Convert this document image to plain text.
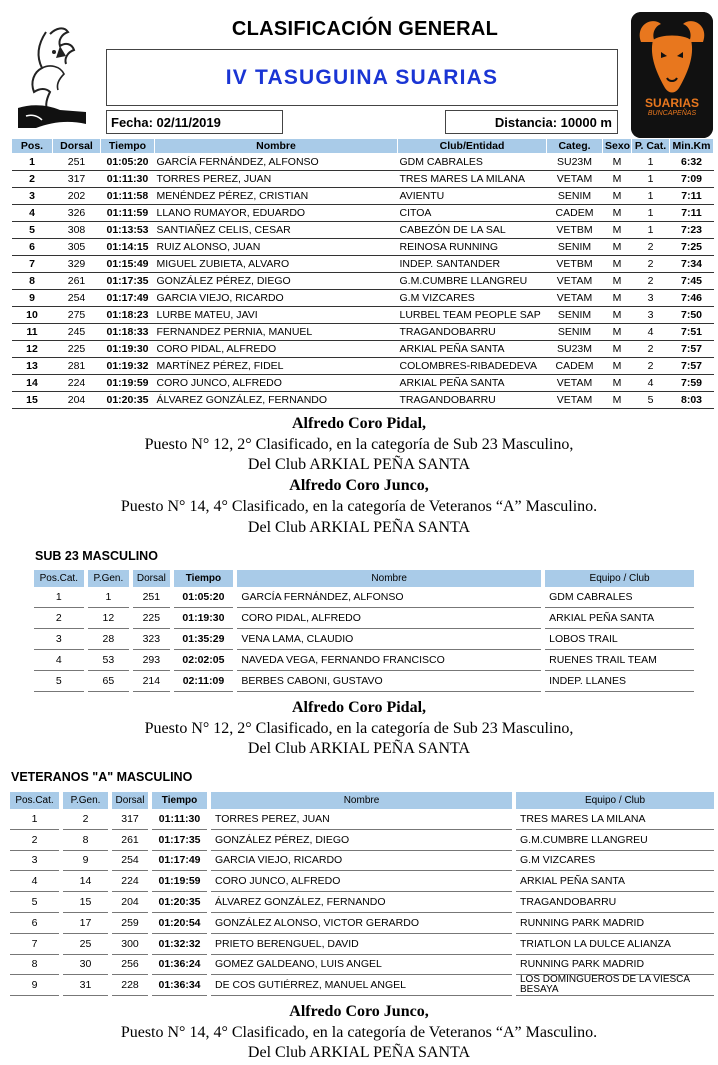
SUARIAS
BUNCAPEÑAS
CLASIFICACIÓN GENERAL
IV TASUGUINA SUARIAS
Fecha: 02/11/2019	Distancia: 10000 m
Pos.	Dorsal	Tiempo	Nombre	Club/Entidad	Categ.	Sexo	P. Cat.	Min.Km
1	251	01:05:20	GARCÍA FERNÁNDEZ, ALFONSO	GDM CABRALES	SU23M	M	1	6:32
2	317	01:11:30	TORRES PEREZ, JUAN	TRES MARES LA MILANA	VETAM	M	1	7:09
3	202	01:11:58	MENÉNDEZ PÉREZ, CRISTIAN	AVIENTU	SENIM	M	1	7:11
4	326	01:11:59	LLANO RUMAYOR, EDUARDO	CITOA	CADEM	M	1	7:11
5	308	01:13:53	SANTIAÑEZ CELIS, CESAR	CABEZÓN DE LA SAL	VETBM	M	1	7:23
6	305	01:14:15	RUIZ ALONSO, JUAN	REINOSA RUNNING	SENIM	M	2	7:25
7	329	01:15:49	MIGUEL ZUBIETA, ALVARO	INDEP. SANTANDER	VETBM	M	2	7:34
8	261	01:17:35	GONZÁLEZ PÉREZ, DIEGO	G.M.CUMBRE LLANGREU	VETAM	M	2	7:45
9	254	01:17:49	GARCIA VIEJO, RICARDO	G.M VIZCARES	VETAM	M	3	7:46
10	275	01:18:23	LURBE MATEU, JAVI	LURBEL TEAM PEOPLE SAP	SENIM	M	3	7:50
11	245	01:18:33	FERNANDEZ PERNIA, MANUEL	TRAGANDOBARRU	SENIM	M	4	7:51
12	225	01:19:30	CORO PIDAL, ALFREDO	ARKIAL PEÑA SANTA	SU23M	M	2	7:57
13	281	01:19:32	MARTÍNEZ PÉREZ, FIDEL	COLOMBRES-RIBADEDEVA	CADEM	M	2	7:57
14	224	01:19:59	CORO JUNCO, ALFREDO	ARKIAL PEÑA SANTA	VETAM	M	4	7:59
15	204	01:20:35	ÁLVAREZ GONZÁLEZ, FERNANDO	TRAGANDOBARRU	VETAM	M	5	8:03
Alfredo Coro Pidal,
Puesto N° 12, 2° Clasificado, en la categoría de Sub 23 Masculino,
Del Club ARKIAL PEÑA SANTA
Alfredo Coro Junco,
Puesto N° 14, 4° Clasificado, en la categoría de Veteranos “A” Masculino.
Del Club ARKIAL PEÑA SANTA
SUB 23 MASCULINO
Pos.Cat.	P.Gen.	Dorsal	Tiempo	Nombre	Equipo / Club
1	1	251	01:05:20	GARCÍA FERNÁNDEZ, ALFONSO	GDM CABRALES
2	12	225	01:19:30	CORO PIDAL, ALFREDO	ARKIAL PEÑA SANTA
3	28	323	01:35:29	VENA LAMA, CLAUDIO	LOBOS TRAIL
4	53	293	02:02:05	NAVEDA VEGA, FERNANDO FRANCISCO	RUENES TRAIL TEAM
5	65	214	02:11:09	BERBES CABONI, GUSTAVO	INDEP. LLANES
Alfredo Coro Pidal,
Puesto N° 12, 2° Clasificado, en la categoría de Sub 23 Masculino,
Del Club ARKIAL PEÑA SANTA
VETERANOS "A" MASCULINO
Pos.Cat.	P.Gen.	Dorsal	Tiempo	Nombre	Equipo / Club
1	2	317	01:11:30	TORRES PEREZ, JUAN	TRES MARES LA MILANA
2	8	261	01:17:35	GONZÁLEZ PÉREZ, DIEGO	G.M.CUMBRE LLANGREU
3	9	254	01:17:49	GARCIA VIEJO, RICARDO	G.M VIZCARES
4	14	224	01:19:59	CORO JUNCO, ALFREDO	ARKIAL PEÑA SANTA
5	15	204	01:20:35	ÁLVAREZ GONZÁLEZ, FERNANDO	TRAGANDOBARRU
6	17	259	01:20:54	GONZÁLEZ ALONSO, VICTOR GERARDO	RUNNING PARK MADRID
7	25	300	01:32:32	PRIETO BERENGUEL, DAVID	TRIATLON LA DULCE ALIANZA
8	30	256	01:36:24	GOMEZ GALDEANO, LUIS ANGEL	RUNNING PARK MADRID
9	31	228	01:36:34	DE COS GUTIÉRREZ, MANUEL ANGEL	LOS DOMINGUEROS DE LA VIESCA BESAYA
Alfredo Coro Junco,
Puesto N° 14, 4° Clasificado, en la categoría de Veteranos “A” Masculino.
Del Club ARKIAL PEÑA SANTA
